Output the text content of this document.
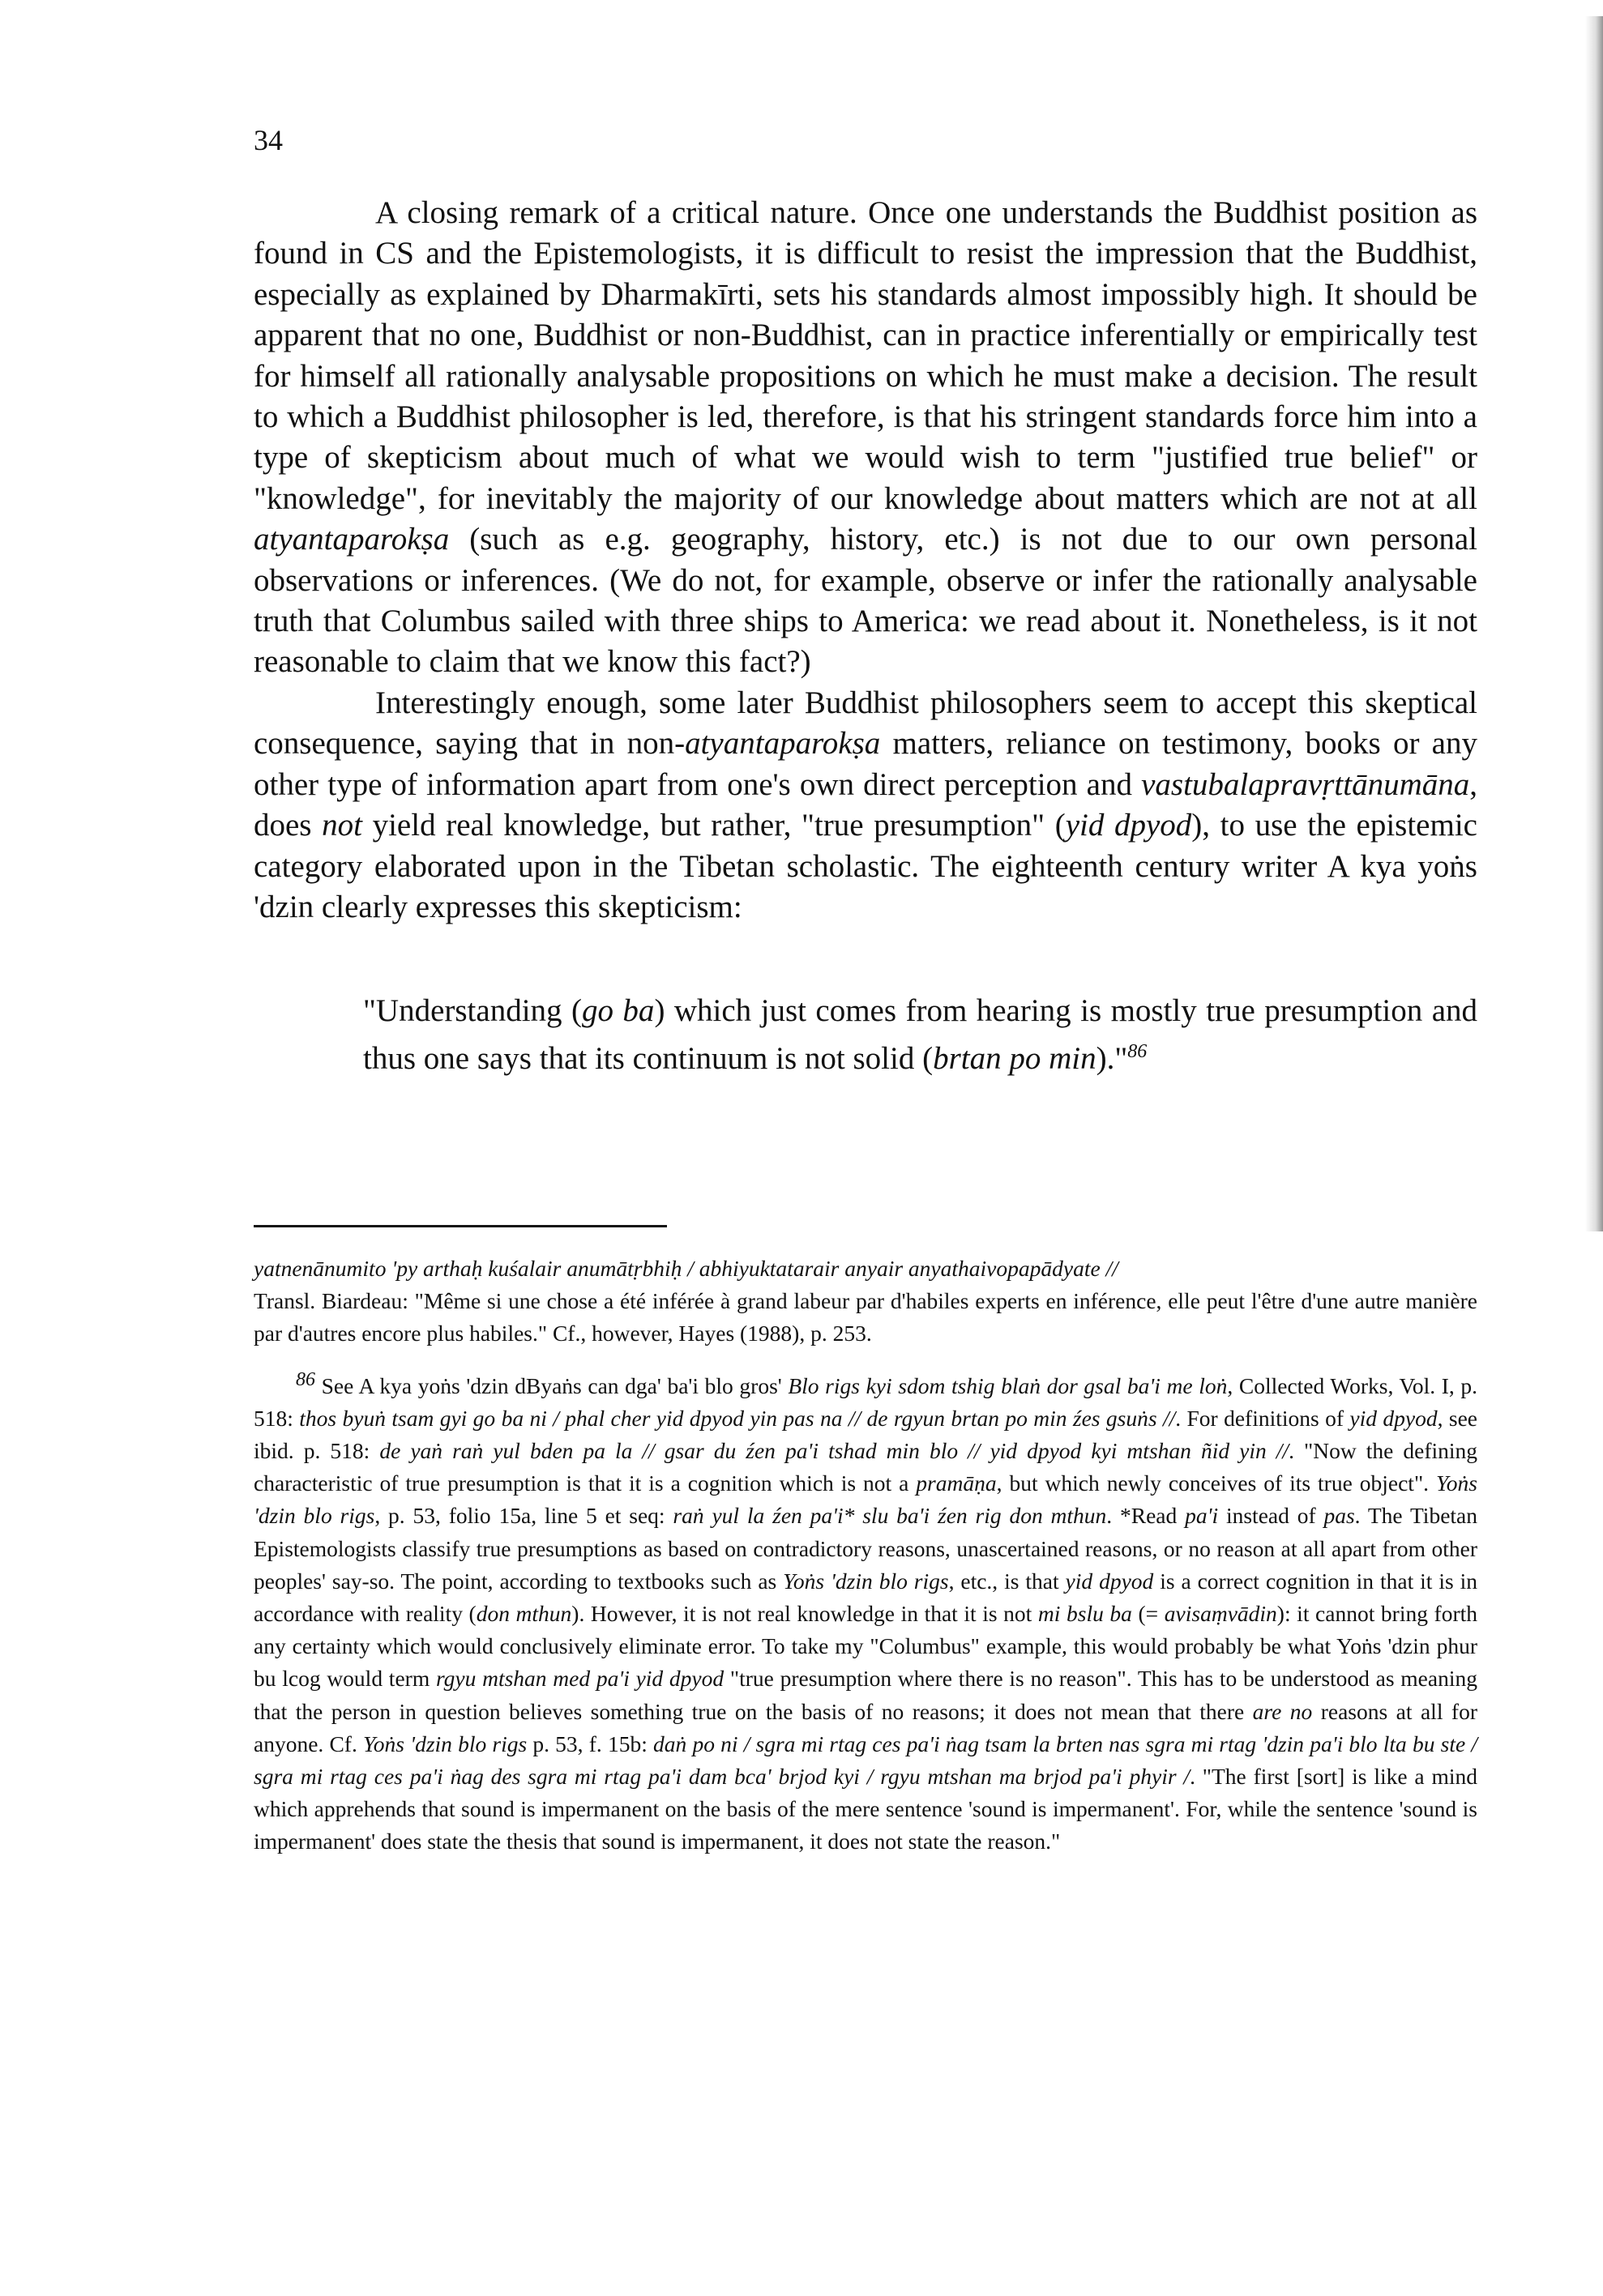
34

A closing remark of a critical nature. Once one understands the Buddhist position as found in CS and the Epistemologists, it is difficult to resist the impression that the Buddhist, especially as explained by Dharmakīrti, sets his standards almost impossibly high. It should be apparent that no one, Buddhist or non-Buddhist, can in practice inferentially or empirically test for himself all rationally analysable propositions on which he must make a decision. The result to which a Buddhist philosopher is led, therefore, is that his stringent standards force him into a type of skepticism about much of what we would wish to term "justified true belief" or "knowledge", for inevitably the majority of our knowledge about matters which are not at all atyantaparokṣa (such as e.g. geography, history, etc.) is not due to our own personal observations or inferences. (We do not, for example, observe or infer the rationally analysable truth that Columbus sailed with three ships to America: we read about it. Nonetheless, is it not reasonable to claim that we know this fact?)

Interestingly enough, some later Buddhist philosophers seem to accept this skeptical consequence, saying that in non-atyantaparokṣa matters, reliance on testimony, books or any other type of information apart from one's own direct perception and vastubalapravṛttānumāna, does not yield real knowledge, but rather, "true presumption" (yid dpyod), to use the epistemic category elaborated upon in the Tibetan scholastic. The eighteenth century writer A kya yoṅs 'dzin clearly expresses this skepticism:

"Understanding (go ba) which just comes from hearing is mostly true presumption and thus one says that its continuum is not solid (brtan po min)."$^{86}$

yatnenānumito 'py arthaḥ kuśalair anumātṛbhiḥ / abhiyuktatarair anyair anyathaivopapādyate //

Transl. Biardeau: "Même si une chose a été inférée à grand labeur par d'habiles experts en inférence, elle peut l'être d'une autre manière par d'autres encore plus habiles." Cf., however, Hayes (1988), p. 253.

86 See A kya yoṅs 'dzin dByaṅs can dga' ba'i blo gros' Blo rigs kyi sdom tshig blaṅ dor gsal ba'i me loṅ, Collected Works, Vol. I, p. 518: thos byuṅ tsam gyi go ba ni / phal cher yid dpyod yin pas na // de rgyun brtan po min źes gsuṅs //. For definitions of yid dpyod, see ibid. p. 518: de yaṅ raṅ yul bden pa la // gsar du źen pa'i tshad min blo // yid dpyod kyi mtshan ñid yin //. "Now the defining characteristic of true presumption is that it is a cognition which is not a pramāṇa, but which newly conceives of its true object". Yoṅs 'dzin blo rigs, p. 53, folio 15a, line 5 et seq: raṅ yul la źen pa'i* slu ba'i źen rig don mthun. *Read pa'i instead of pas. The Tibetan Epistemologists classify true presumptions as based on contradictory reasons, unascertained reasons, or no reason at all apart from other peoples' say-so. The point, according to textbooks such as Yoṅs 'dzin blo rigs, etc., is that yid dpyod is a correct cognition in that it is in accordance with reality (don mthun). However, it is not real knowledge in that it is not mi bslu ba (= avisaṃvādin): it cannot bring forth any certainty which would conclusively eliminate error. To take my "Columbus" example, this would probably be what Yoṅs 'dzin phur bu lcog would term rgyu mtshan med pa'i yid dpyod "true presumption where there is no reason". This has to be understood as meaning that the person in question believes something true on the basis of no reasons; it does not mean that there are no reasons at all for anyone. Cf. Yoṅs 'dzin blo rigs p. 53, f. 15b: daṅ po ni / sgra mi rtag ces pa'i ṅag tsam la brten nas sgra mi rtag 'dzin pa'i blo lta bu ste / sgra mi rtag ces pa'i ṅag des sgra mi rtag pa'i dam bca' brjod kyi / rgyu mtshan ma brjod pa'i phyir /. "The first [sort] is like a mind which apprehends that sound is impermanent on the basis of the mere sentence 'sound is impermanent'. For, while the sentence 'sound is impermanent' does state the thesis that sound is impermanent, it does not state the reason."
